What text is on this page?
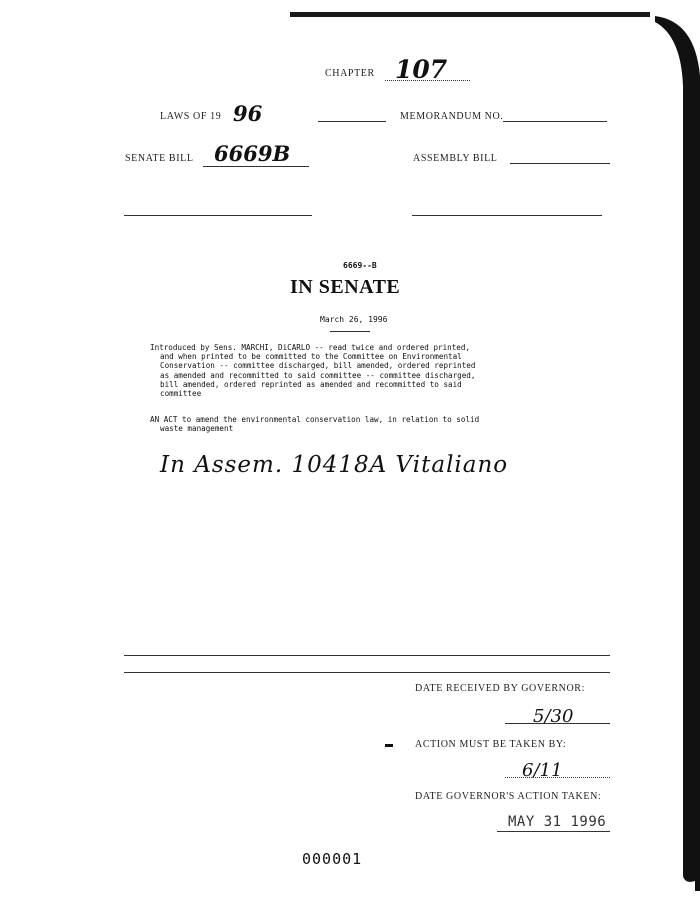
CHAPTER 107
LAWS OF 19 96	MEMORANDUM NO.
SENATE BILL 6669B	ASSEMBLY BILL
6669--B
IN SENATE
March 26, 1996
Introduced by Sens. MARCHI, DiCARLO -- read twice and ordered printed,
and when printed to be committed to the Committee on Environmental
Conservation -- committee discharged, bill amended, ordered reprinted
as amended and recommitted to said committee -- committee discharged,
bill amended, ordered reprinted as amended and recommitted to said
committee
AN ACT to amend the environmental conservation law, in relation to solid
waste management
In Assem. 10418A Vitaliano
DATE RECEIVED BY GOVERNOR:
5/30
ACTION MUST BE TAKEN BY:
6/11
DATE GOVERNOR'S ACTION TAKEN:
MAY 31 1996
000001
